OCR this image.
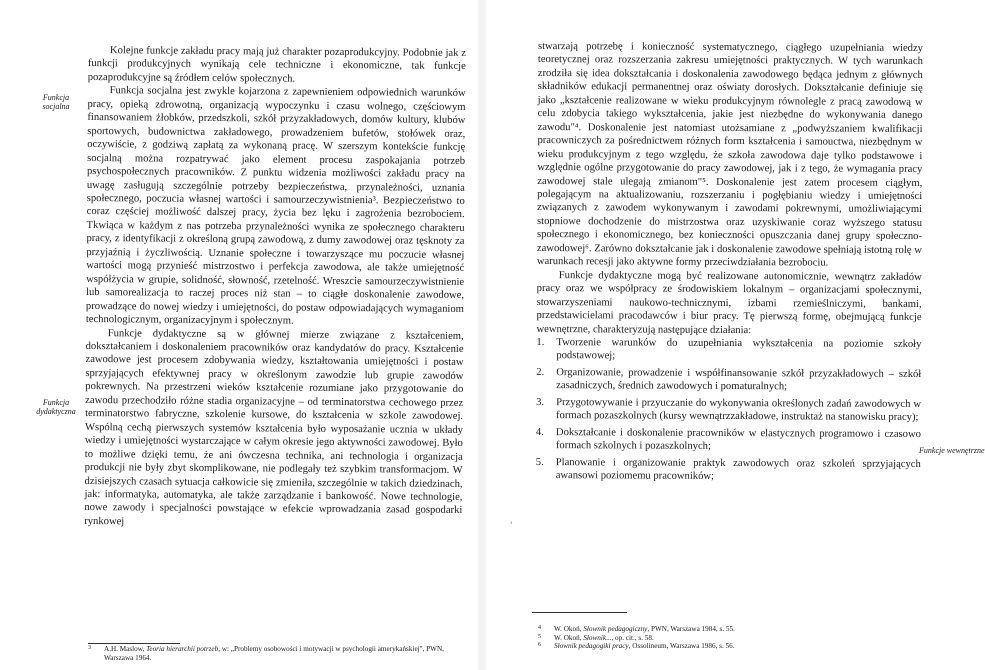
Funkcja socjalna
Funkcja dydaktyczna

Kolejne funkcje zakładu pracy mają już charakter pozaprodukcyjny. Podobnie jak z funkcji produkcyjnych wynikają cele techniczne i ekonomiczne, tak funkcje pozaprodukcyjne są źródłem celów społecznych.

Funkcja socjalna jest zwykle kojarzona z zapewnieniem odpowiednich warunków pracy, opieką zdrowotną, organizacją wypoczynku i czasu wolnego, częściowym finansowaniem żłobków, przedszkoli, szkół przyzakładowych, domów kultury, klubów sportowych, budownictwa zakładowego, prowadzeniem bufetów, stołówek oraz, oczywiście, z godziwą zapłatą za wykonaną pracę. W szerszym kontekście funkcję socjalną można rozpatrywać jako element procesu zaspokajania potrzeb psychospołecznych pracowników. Z punktu widzenia możliwości zakładu pracy na uwagę zasługują szczególnie potrzeby bezpieczeństwa, przynależności, uznania społecznego, poczucia własnej wartości i samourzeczywistnienia³. Bezpieczeństwo to coraz częściej możliwość dalszej pracy, życia bez lęku i zagrożenia bezrobociem. Tkwiąca w każdym z nas potrzeba przynależności wynika ze społecznego charakteru pracy, z identyfikacji z określoną grupą zawodową, z dumy zawodowej oraz tęsknoty za przyjaźnią i życzliwością. Uznanie społeczne i towarzyszące mu poczucie własnej wartości mogą przynieść mistrzostwo i perfekcja zawodowa, ale także umiejętność współżycia w grupie, solidność, słowność, rzetelność. Wreszcie samourzeczywistnienie lub samorealizacja to raczej proces niż stan – to ciągłe doskonalenie zawodowe, prowadzące do nowej wiedzy i umiejętności, do postaw odpowiadających wymaganiom technologicznym, organizacyjnym i społecznym.

Funkcje dydaktyczne są w głównej mierze związane z kształceniem, dokształcaniem i doskonaleniem pracowników oraz kandydatów do pracy. Kształcenie zawodowe jest procesem zdobywania wiedzy, kształtowania umiejętności i postaw sprzyjających efektywnej pracy w określonym zawodzie lub grupie zawodów pokrewnych. Na przestrzeni wieków kształcenie rozumiane jako przygotowanie do zawodu przechodziło różne stadia organizacyjne – od terminatorstwa cechowego przez terminatorstwo fabryczne, szkolenie kursowe, do kształcenia w szkole zawodowej. Wspólną cechą pierwszych systemów kształcenia było wyposażanie ucznia w układy wiedzy i umiejętności wystarczające w całym okresie jego aktywności zawodowej. Było to możliwe dzięki temu, że ani ówczesna technika, ani technologia i organizacja produkcji nie były zbyt skomplikowane, nie podlegały też szybkim transformacjom. W dzisiejszych czasach sytuacja całkowicie się zmieniła, szczególnie w takich dziedzinach, jak: informatyka, automatyka, ale także zarządzanie i bankowość. Nowe technologie, nowe zawody i specjalności powstające w efekcie wprowadzania zasad gospodarki rynkowej

3 A.H. Maslow, Teoria hierarchii potrzeb, w: „Problemy osobowości i motywacji w psychologii amerykańskiej", PWN, Warszawa 1964.

stwarzają potrzebę i konieczność systematycznego, ciągłego uzupełniania wiedzy teoretycznej oraz rozszerzania zakresu umiejętności praktycznych. W tych warunkach zrodziła się idea dokształcania i doskonalenia zawodowego będąca jednym z głównych składników edukacji permanentnej oraz oświaty dorosłych. Dokształcanie definiuje się jako „kształcenie realizowane w wieku produkcyjnym równolegle z pracą zawodową w celu zdobycia takiego wykształcenia, jakie jest niezbędne do wykonywania danego zawodu"⁴. Doskonalenie jest natomiast utożsamiane z „podwyższaniem kwalifikacji pracowniczych za pośrednictwem różnych form kształcenia i samouctwa, niezbędnym w wieku produkcyjnym z tego względu, że szkoła zawodowa daje tylko podstawowe i względnie ogólne przygotowanie do pracy zawodowej, jak i z tego, że wymagania pracy zawodowej stale ulegają zmianom"⁵. Doskonalenie jest zatem procesem ciągłym, polegającym na aktualizowaniu, rozszerzaniu i pogłębianiu wiedzy i umiejętności związanych z zawodem wykonywanym i zawodami pokrewnymi, umożliwiającymi stopniowe dochodzenie do mistrzostwa oraz uzyskiwanie coraz wyższego statusu społecznego i ekonomicznego, bez konieczności opuszczania danej grupy społeczno-zawodowej⁶. Zarówno dokształcanie jak i doskonalenie zawodowe spełniają istotną rolę w warunkach recesji jako aktywne formy przeciwdziałania bezrobociu.

Funkcje dydaktyczne mogą być realizowane autonomicznie, wewnątrz zakładów pracy oraz we współpracy ze środowiskiem lokalnym – organizacjami społecznymi, stowarzyszeniami naukowo-technicznymi, izbami rzemieślniczymi, bankami, przedstawicielami pracodawców i biur pracy. Tę pierwszą formę, obejmującą funkcje wewnętrzne, charakteryzują następujące działania:

1. Tworzenie warunków do uzupełniania wykształcenia na poziomie szkoły podstawowej;
2. Organizowanie, prowadzenie i współfinansowanie szkół przyzakładowych – szkół zasadniczych, średnich zawodowych i pomaturalnych;
3. Przygotowywanie i przyuczanie do wykonywania określonych zadań zawodowych w formach pozaszkolnych (kursy wewnątrzzakładowe, instruktaż na stanowisku pracy);
4. Dokształcanie i doskonalenie pracowników w elastycznych programowo i czasowo formach szkolnych i pozaszkolnych;
5. Planowanie i organizowanie praktyk zawodowych oraz szkoleń sprzyjających awansowi poziomemu pracowników;
Funkcje wewnętrzne
4 W. Okoń, Słownik pedagogiczny, PWN, Warszawa 1984, s. 55.
5 W. Okoń, Słownik..., op. cit., s. 58.
6 Słownik pedagogiki pracy, Ossolineum, Warszawa 1986, s. 56.
ʻ
